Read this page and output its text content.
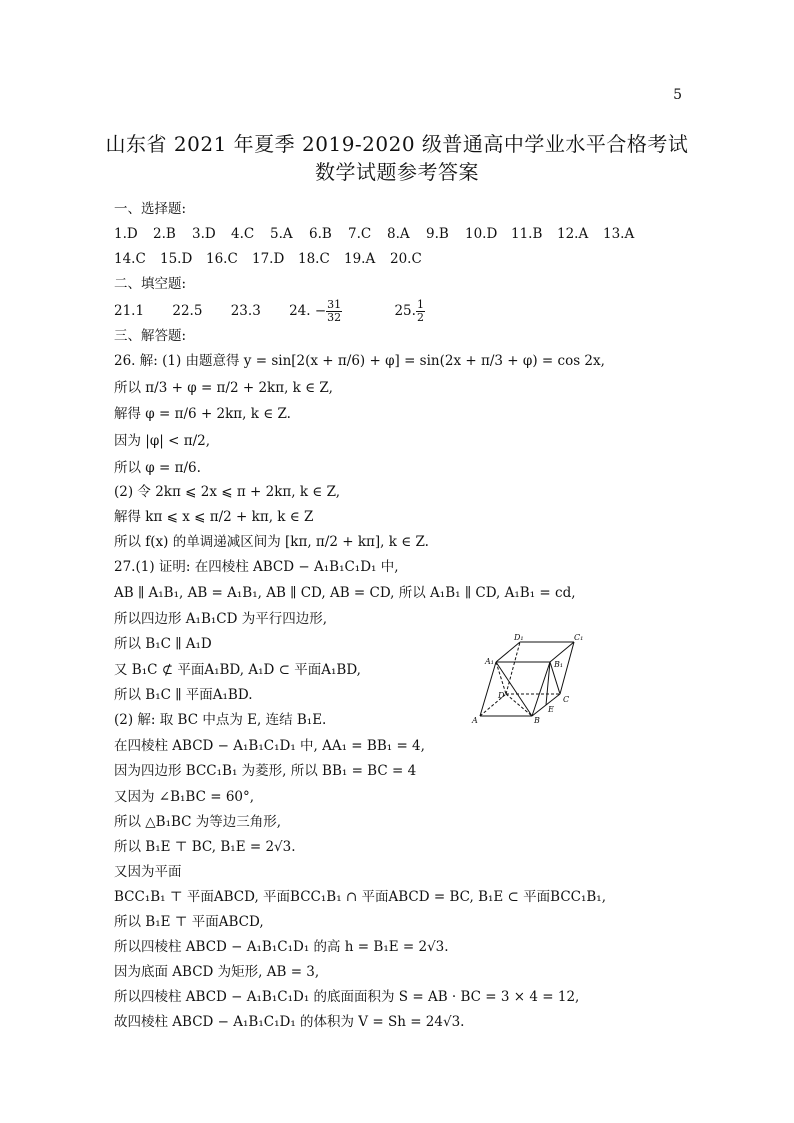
5
山东省 2021 年夏季 2019-2020 级普通高中学业水平合格考试
数学试题参考答案
一、选择题:
1.D	2.B	3.D	4.C	5.A	6.B	7.C	8.A	9.B	10.D	11.B	12.A	13.A
14.C	15.D	16.C	17.D	18.C	19.A	20.C
二、填空题:
21.1 22.5 23.3 24. − $\frac{31}{32} 25$. $\frac{1}{2}$
三、解答题:
26. 解: (1) 由题意得 y = sin[2(x + π/6) + φ] = sin(2x + π/3 + φ) = cos 2x,
所以 π/3 + φ = π/2 + 2kπ, k ∈ Z,
解得 φ = π/6 + 2kπ, k ∈ Z.
因为 |φ| < π/2,
所以 φ = π/6.
(2) 令 2kπ ⩽ 2x ⩽ π + 2kπ, k ∈ Z,
解得 kπ ⩽ x ⩽ π/2 + kπ, k ∈ Z
所以 f(x) 的单调递减区间为 [kπ, π/2 + kπ], k ∈ Z.
27.(1) 证明: 在四棱柱 ABCD − A₁B₁C₁D₁ 中,
AB ∥ A₁B₁, AB = A₁B₁, AB ∥ CD, AB = CD, 所以 A₁B₁ ∥ CD, A₁B₁ = cd,
所以四边形 A₁B₁CD 为平行四边形,
所以 B₁C ∥ A₁D
又 B₁C ⊄ 平面A₁BD, A₁D ⊂ 平面A₁BD,
所以 B₁C ∥ 平面A₁BD.
(2) 解: 取 BC 中点为 E, 连结 B₁E.
在四棱柱 ABCD − A₁B₁C₁D₁ 中, AA₁ = BB₁ = 4,
因为四边形 BCC₁B₁ 为菱形, 所以 BB₁ = BC = 4
又因为 ∠B₁BC = 60°,
所以 △B₁BC 为等边三角形,
所以 B₁E ⊤ BC, B₁E = 2√3.
又因为平面
BCC₁B₁ ⊤ 平面ABCD, 平面BCC₁B₁ ∩ 平面ABCD = BC, B₁E ⊂ 平面BCC₁B₁,
所以 B₁E ⊤ 平面ABCD,
所以四棱柱 ABCD − A₁B₁C₁D₁ 的高 h = B₁E = 2√3.
因为底面 ABCD 为矩形, AB = 3,
所以四棱柱 ABCD − A₁B₁C₁D₁ 的底面面积为 S = AB · BC = 3 × 4 = 12,
故四棱柱 ABCD − A₁B₁C₁D₁ 的体积为 V = Sh = 24√3.
D₁	C₁
A₁	B₁
D	C
E
A	B
